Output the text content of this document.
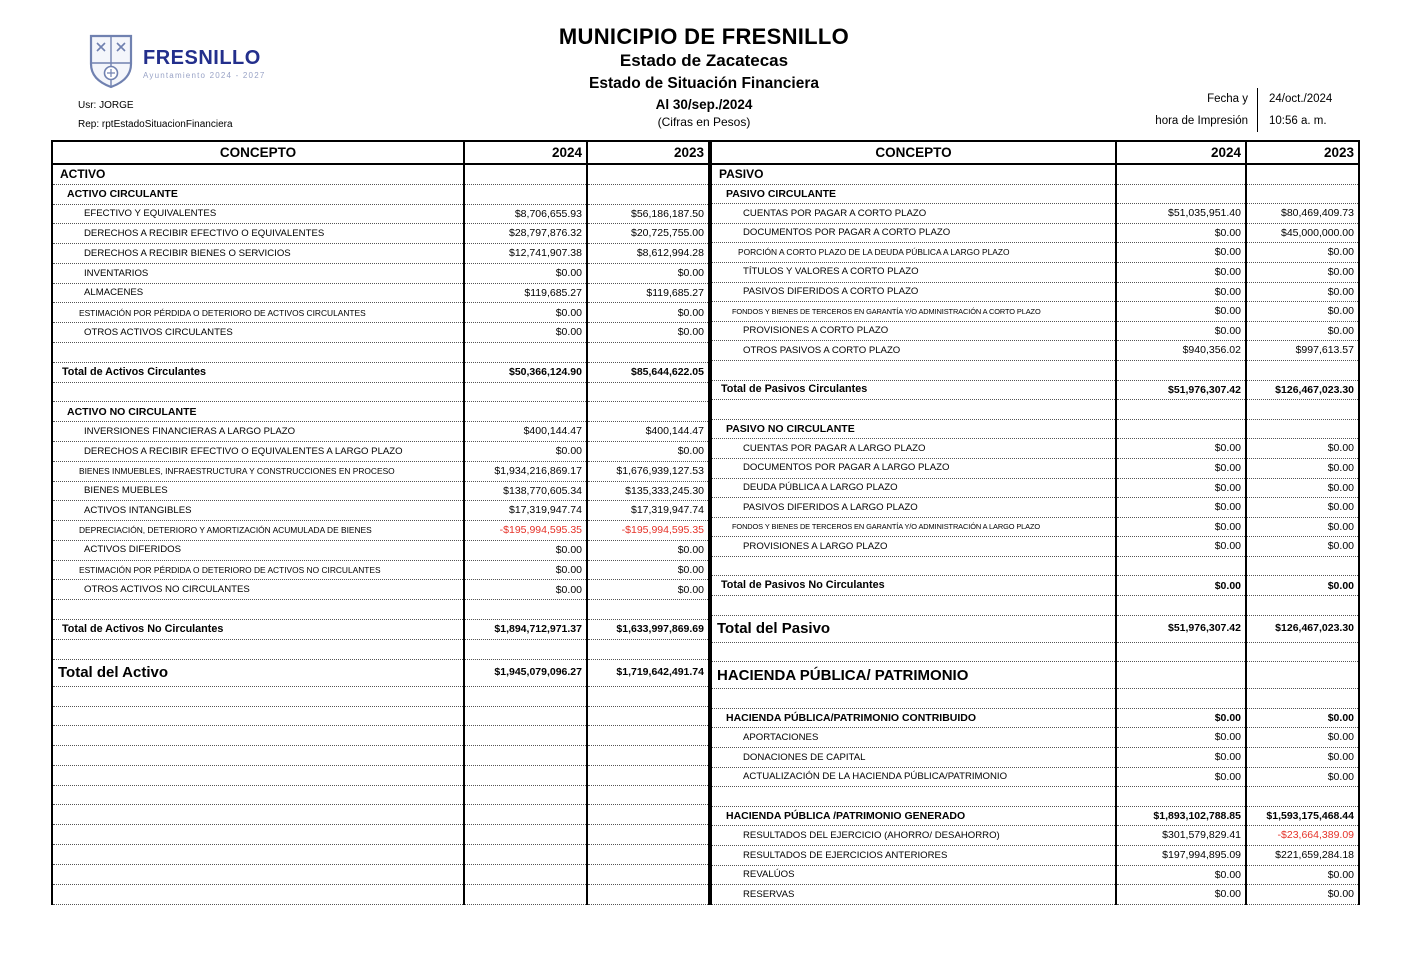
FRESNILLO
Ayuntamiento 2024 - 2027
Usr: JORGE
Rep: rptEstadoSituacionFinanciera
MUNICIPIO DE FRESNILLO
Estado de Zacatecas
Estado de Situación Financiera
Al 30/sep./2024
(Cifras en Pesos)
Fecha y
hora de Impresión
24/oct./2024
10:56 a. m.
CONCEPTO	2024	2023
ACTIVO		
ACTIVO CIRCULANTE		
EFECTIVO Y EQUIVALENTES	$8,706,655.93	$56,186,187.50
DERECHOS A RECIBIR EFECTIVO O EQUIVALENTES	$28,797,876.32	$20,725,755.00
DERECHOS A RECIBIR BIENES O SERVICIOS	$12,741,907.38	$8,612,994.28
INVENTARIOS	$0.00	$0.00
ALMACENES	$119,685.27	$119,685.27
ESTIMACIÓN POR PÉRDIDA O DETERIORO DE ACTIVOS CIRCULANTES	$0.00	$0.00
OTROS ACTIVOS CIRCULANTES	$0.00	$0.00

Total de Activos Circulantes	$50,366,124.90	$85,644,622.05

ACTIVO NO CIRCULANTE		
INVERSIONES FINANCIERAS A LARGO PLAZO	$400,144.47	$400,144.47
DERECHOS A RECIBIR EFECTIVO O EQUIVALENTES A LARGO PLAZO	$0.00	$0.00
BIENES INMUEBLES, INFRAESTRUCTURA Y CONSTRUCCIONES EN PROCESO	$1,934,216,869.17	$1,676,939,127.53
BIENES MUEBLES	$138,770,605.34	$135,333,245.30
ACTIVOS INTANGIBLES	$17,319,947.74	$17,319,947.74
DEPRECIACIÓN, DETERIORO Y AMORTIZACIÓN ACUMULADA DE BIENES	-$195,994,595.35	-$195,994,595.35
ACTIVOS DIFERIDOS	$0.00	$0.00
ESTIMACIÓN POR PÉRDIDA O DETERIORO DE ACTIVOS NO CIRCULANTES	$0.00	$0.00
OTROS ACTIVOS NO CIRCULANTES	$0.00	$0.00

Total de Activos No Circulantes	$1,894,712,971.37	$1,633,997,869.69

Total del Activo	$1,945,079,096.27	$1,719,642,491.74

CONCEPTO	2024	2023
PASIVO		
PASIVO CIRCULANTE		
CUENTAS POR PAGAR A CORTO PLAZO	$51,035,951.40	$80,469,409.73
DOCUMENTOS POR PAGAR A CORTO PLAZO	$0.00	$45,000,000.00
PORCIÓN A CORTO PLAZO DE LA DEUDA PÚBLICA A LARGO PLAZO	$0.00	$0.00
TÍTULOS Y VALORES A CORTO PLAZO	$0.00	$0.00
PASIVOS DIFERIDOS A CORTO PLAZO	$0.00	$0.00
FONDOS Y BIENES DE TERCEROS EN GARANTÍA Y/O ADMINISTRACIÓN A CORTO PLAZO	$0.00	$0.00
PROVISIONES A CORTO PLAZO	$0.00	$0.00
OTROS PASIVOS A CORTO PLAZO	$940,356.02	$997,613.57

Total de Pasivos Circulantes	$51,976,307.42	$126,467,023.30

PASIVO NO CIRCULANTE		
CUENTAS POR PAGAR A LARGO PLAZO	$0.00	$0.00
DOCUMENTOS POR PAGAR A LARGO PLAZO	$0.00	$0.00
DEUDA PÚBLICA A LARGO PLAZO	$0.00	$0.00
PASIVOS DIFERIDOS A LARGO PLAZO	$0.00	$0.00
FONDOS Y BIENES DE TERCEROS EN GARANTÍA Y/O ADMINISTRACIÓN A LARGO PLAZO	$0.00	$0.00
PROVISIONES A LARGO PLAZO	$0.00	$0.00

Total de Pasivos No Circulantes	$0.00	$0.00

Total del Pasivo	$51,976,307.42	$126,467,023.30

HACIENDA PÚBLICA/ PATRIMONIO		

HACIENDA PÚBLICA/PATRIMONIO CONTRIBUIDO	$0.00	$0.00
APORTACIONES	$0.00	$0.00
DONACIONES DE CAPITAL	$0.00	$0.00
ACTUALIZACIÓN DE LA HACIENDA PÚBLICA/PATRIMONIO	$0.00	$0.00

HACIENDA PÚBLICA /PATRIMONIO GENERADO	$1,893,102,788.85	$1,593,175,468.44
RESULTADOS DEL EJERCICIO (AHORRO/ DESAHORRO)	$301,579,829.41	-$23,664,389.09
RESULTADOS DE EJERCICIOS ANTERIORES	$197,994,895.09	$221,659,284.18
REVALÚOS	$0.00	$0.00
RESERVAS	$0.00	$0.00
